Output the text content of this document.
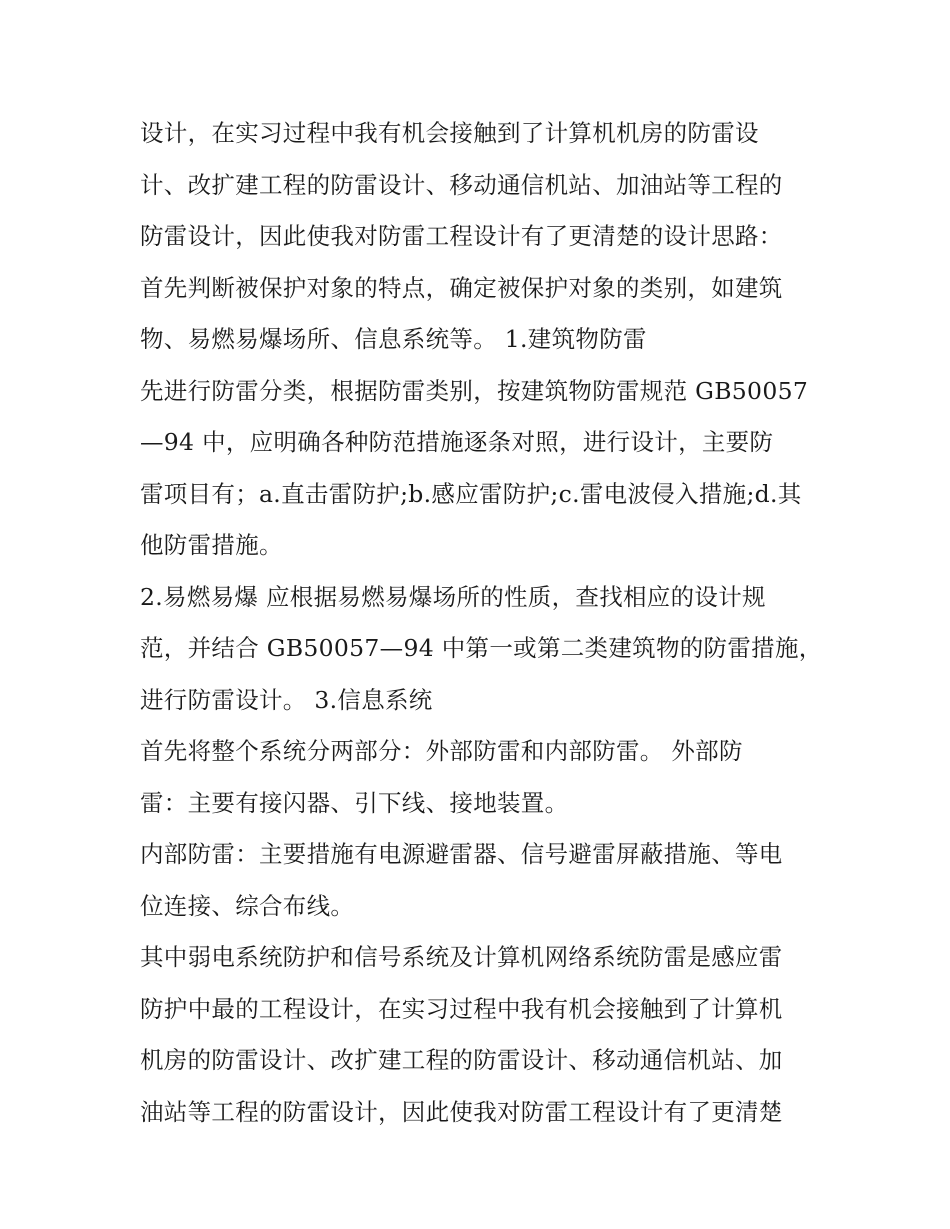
设计，在实习过程中我有机会接触到了计算机机房的防雷设
计、改扩建工程的防雷设计、移动通信机站、加油站等工程的
防雷设计，因此使我对防雷工程设计有了更清楚的设计思路：
首先判断被保护对象的特点，确定被保护对象的类别，如建筑
物、易燃易爆场所、信息系统等。 1.建筑物防雷
先进行防雷分类，根据防雷类别，按建筑物防雷规范 GB50057
—94 中，应明确各种防范措施逐条对照，进行设计，主要防
雷项目有；a.直击雷防护;b.感应雷防护;c.雷电波侵入措施;d.其
他防雷措施。
2.易燃易爆 应根据易燃易爆场所的性质，查找相应的设计规
范，并结合 GB50057—94 中第一或第二类建筑物的防雷措施，
进行防雷设计。 3.信息系统
首先将整个系统分两部分：外部防雷和内部防雷。 外部防
雷：主要有接闪器、引下线、接地装置。
内部防雷：主要措施有电源避雷器、信号避雷屏蔽措施、等电
位连接、综合布线。
其中弱电系统防护和信号系统及计算机网络系统防雷是感应雷
防护中最的工程设计，在实习过程中我有机会接触到了计算机
机房的防雷设计、改扩建工程的防雷设计、移动通信机站、加
油站等工程的防雷设计，因此使我对防雷工程设计有了更清楚
